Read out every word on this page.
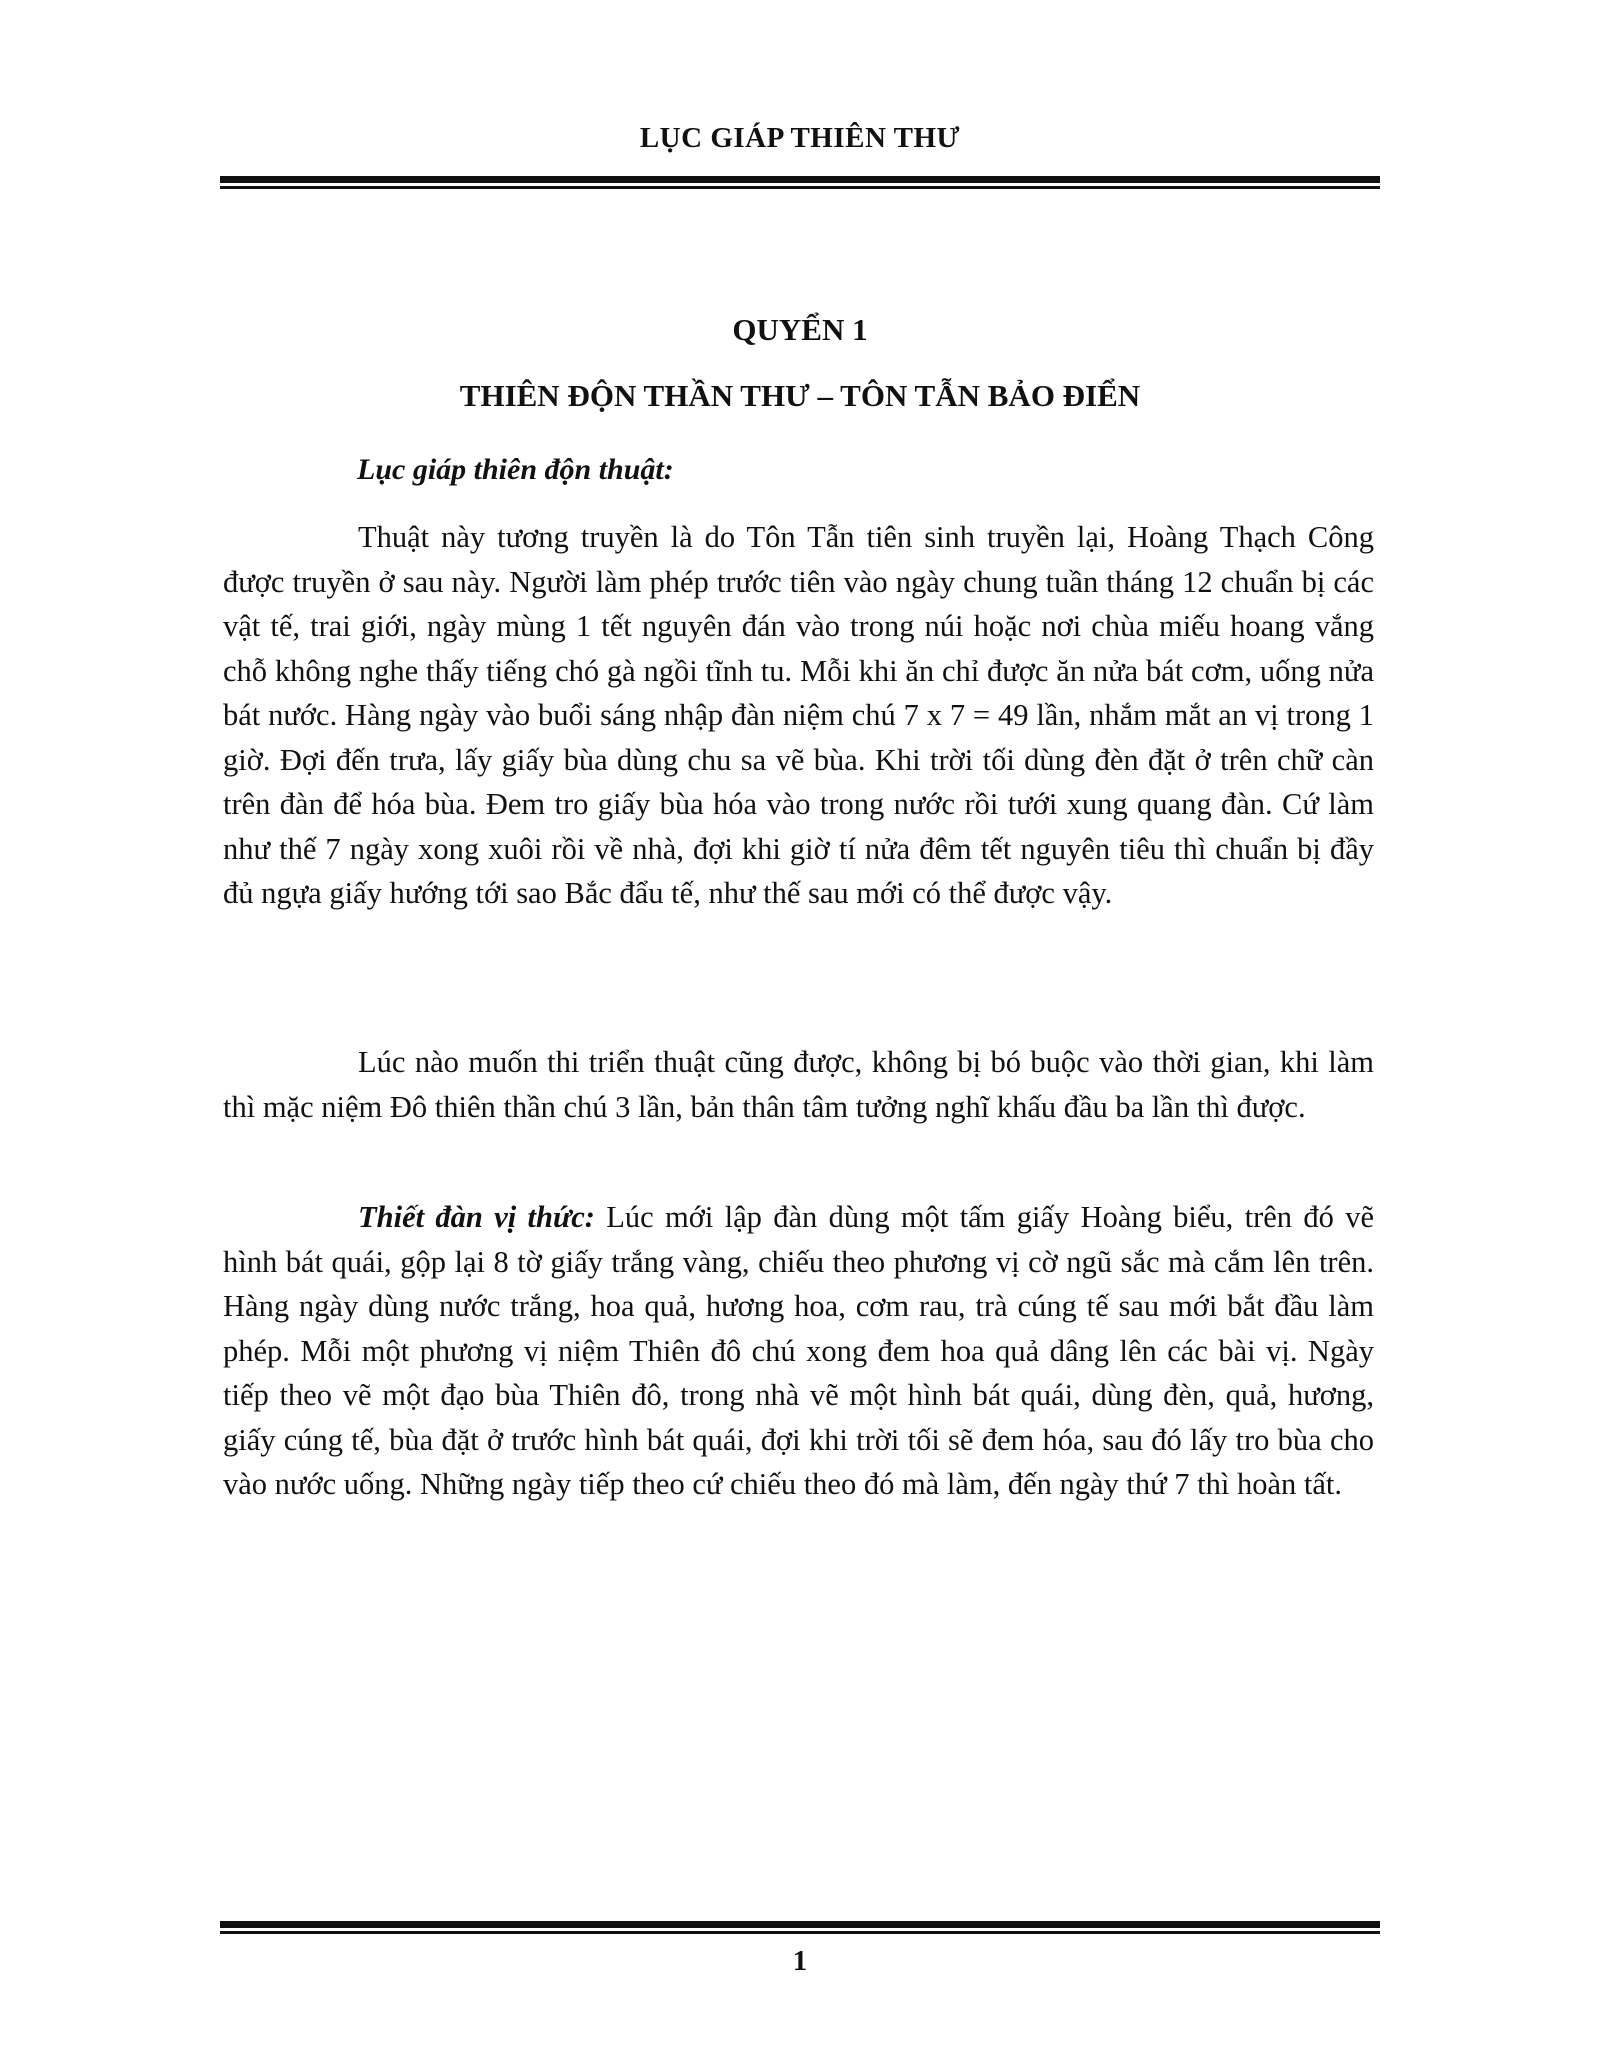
LỤC GIÁP THIÊN THƯ
QUYỂN 1
THIÊN ĐỘN THẦN THƯ – TÔN TẪN BẢO ĐIỂN
Lục giáp thiên độn thuật:

Thuật này tương truyền là do Tôn Tẫn tiên sinh truyền lại, Hoàng Thạch Công được truyền ở sau này. Người làm phép trước tiên vào ngày chung tuần tháng 12 chuẩn bị các vật tế, trai giới, ngày mùng 1 tết nguyên đán vào trong núi hoặc nơi chùa miếu hoang vắng chỗ không nghe thấy tiếng chó gà ngồi tĩnh tu. Mỗi khi ăn chỉ được ăn nửa bát cơm, uống nửa bát nước. Hàng ngày vào buổi sáng nhập đàn niệm chú 7 x 7 = 49 lần, nhắm mắt an vị trong 1 giờ. Đợi đến trưa, lấy giấy bùa dùng chu sa vẽ bùa. Khi trời tối dùng đèn đặt ở trên chữ càn trên đàn để hóa bùa. Đem tro giấy bùa hóa vào trong nước rồi tưới xung quang đàn. Cứ làm như thế 7 ngày xong xuôi rồi về nhà, đợi khi giờ tí nửa đêm tết nguyên tiêu thì chuẩn bị đầy đủ ngựa giấy hướng tới sao Bắc đẩu tế, như thế sau mới có thể được vậy.

Lúc nào muốn thi triển thuật cũng được, không bị bó buộc vào thời gian, khi làm thì mặc niệm Đô thiên thần chú 3 lần, bản thân tâm tưởng nghĩ khấu đầu ba lần thì được.

Thiết đàn vị thức: Lúc mới lập đàn dùng một tấm giấy Hoàng biểu, trên đó vẽ hình bát quái, gộp lại 8 tờ giấy trắng vàng, chiếu theo phương vị cờ ngũ sắc mà cắm lên trên. Hàng ngày dùng nước trắng, hoa quả, hương hoa, cơm rau, trà cúng tế sau mới bắt đầu làm phép. Mỗi một phương vị niệm Thiên đô chú xong đem hoa quả dâng lên các bài vị. Ngày tiếp theo vẽ một đạo bùa Thiên đô, trong nhà vẽ một hình bát quái, dùng đèn, quả, hương, giấy cúng tế, bùa đặt ở trước hình bát quái, đợi khi trời tối sẽ đem hóa, sau đó lấy tro bùa cho vào nước uống. Những ngày tiếp theo cứ chiếu theo đó mà làm, đến ngày thứ 7 thì hoàn tất.

1
